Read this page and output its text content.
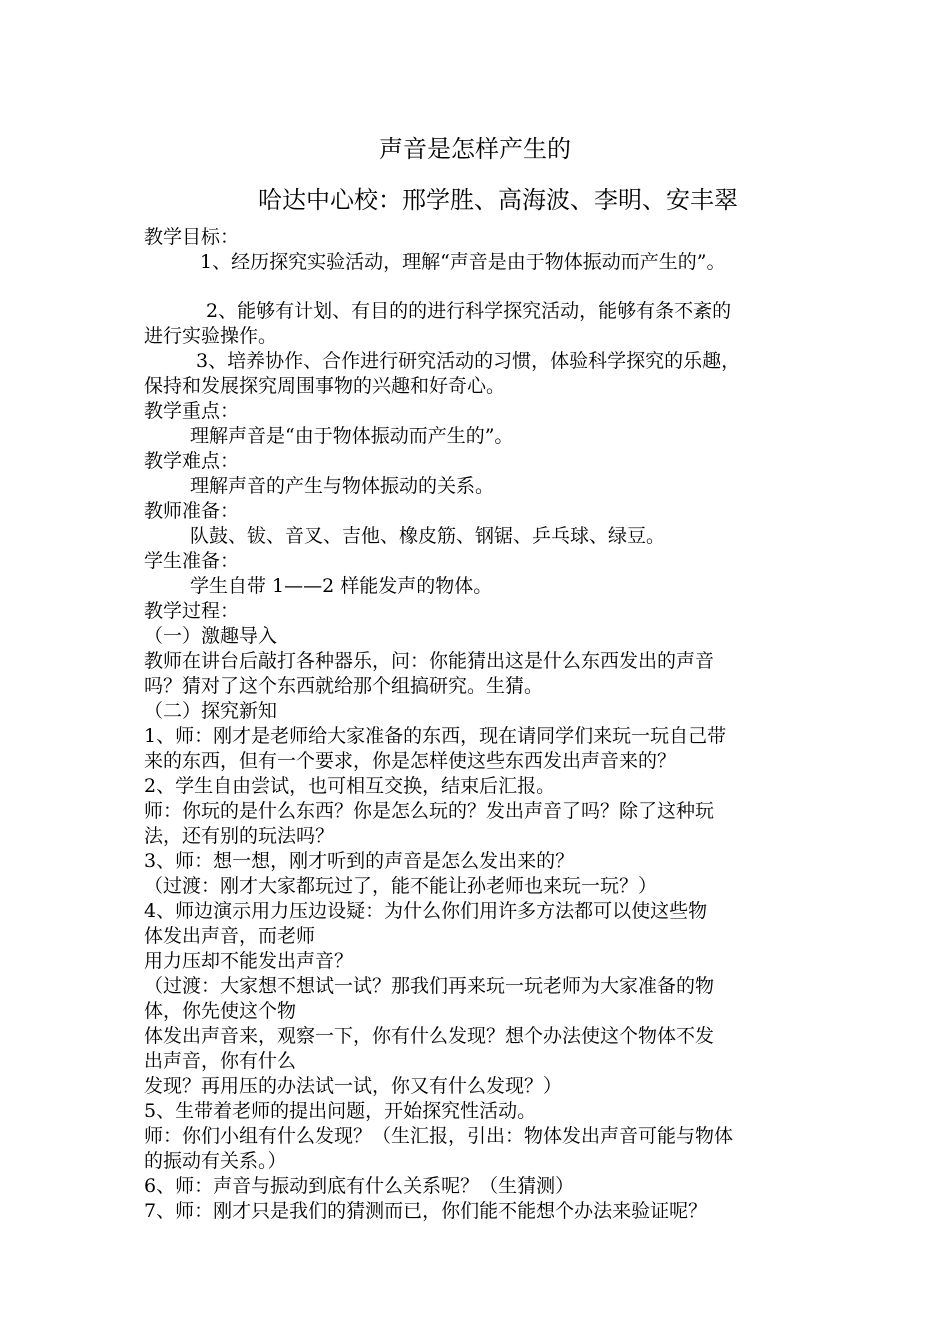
声音是怎样产生的
哈达中心校：邢学胜、高海波、李明、安丰翠
教学目标：
1、经历探究实验活动，理解“声音是由于物体振动而产生的”。
2、能够有计划、有目的的进行科学探究活动，能够有条不紊的
进行实验操作。
3、培养协作、合作进行研究活动的习惯，体验科学探究的乐趣，
保持和发展探究周围事物的兴趣和好奇心。
教学重点：
理解声音是“由于物体振动而产生的”。
教学难点：
理解声音的产生与物体振动的关系。
教师准备：
队鼓、钹、音叉、吉他、橡皮筋、钢锯、乒乓球、绿豆。
学生准备：
学生自带 1——2 样能发声的物体。
教学过程：
（一）激趣导入
教师在讲台后敲打各种器乐，问：你能猜出这是什么东西发出的声音
吗？猜对了这个东西就给那个组搞研究。生猜。
（二）探究新知
1、师：刚才是老师给大家准备的东西，现在请同学们来玩一玩自己带
来的东西，但有一个要求，你是怎样使这些东西发出声音来的？
2、学生自由尝试，也可相互交换，结束后汇报。
师：你玩的是什么东西？你是怎么玩的？发出声音了吗？除了这种玩
法，还有别的玩法吗？
3、师：想一想，刚才听到的声音是怎么发出来的？
（过渡：刚才大家都玩过了，能不能让孙老师也来玩一玩？）
4、师边演示用力压边设疑：为什么你们用许多方法都可以使这些物
体发出声音，而老师
用力压却不能发出声音？
（过渡：大家想不想试一试？那我们再来玩一玩老师为大家准备的物
体，你先使这个物
体发出声音来，观察一下，你有什么发现？想个办法使这个物体不发
出声音，你有什么
发现？再用压的办法试一试，你又有什么发现？）
5、生带着老师的提出问题，开始探究性活动。
师：你们小组有什么发现？（生汇报，引出：物体发出声音可能与物体
的振动有关系。）
6、师：声音与振动到底有什么关系呢？（生猜测）
7、师：刚才只是我们的猜测而已，你们能不能想个办法来验证呢？
